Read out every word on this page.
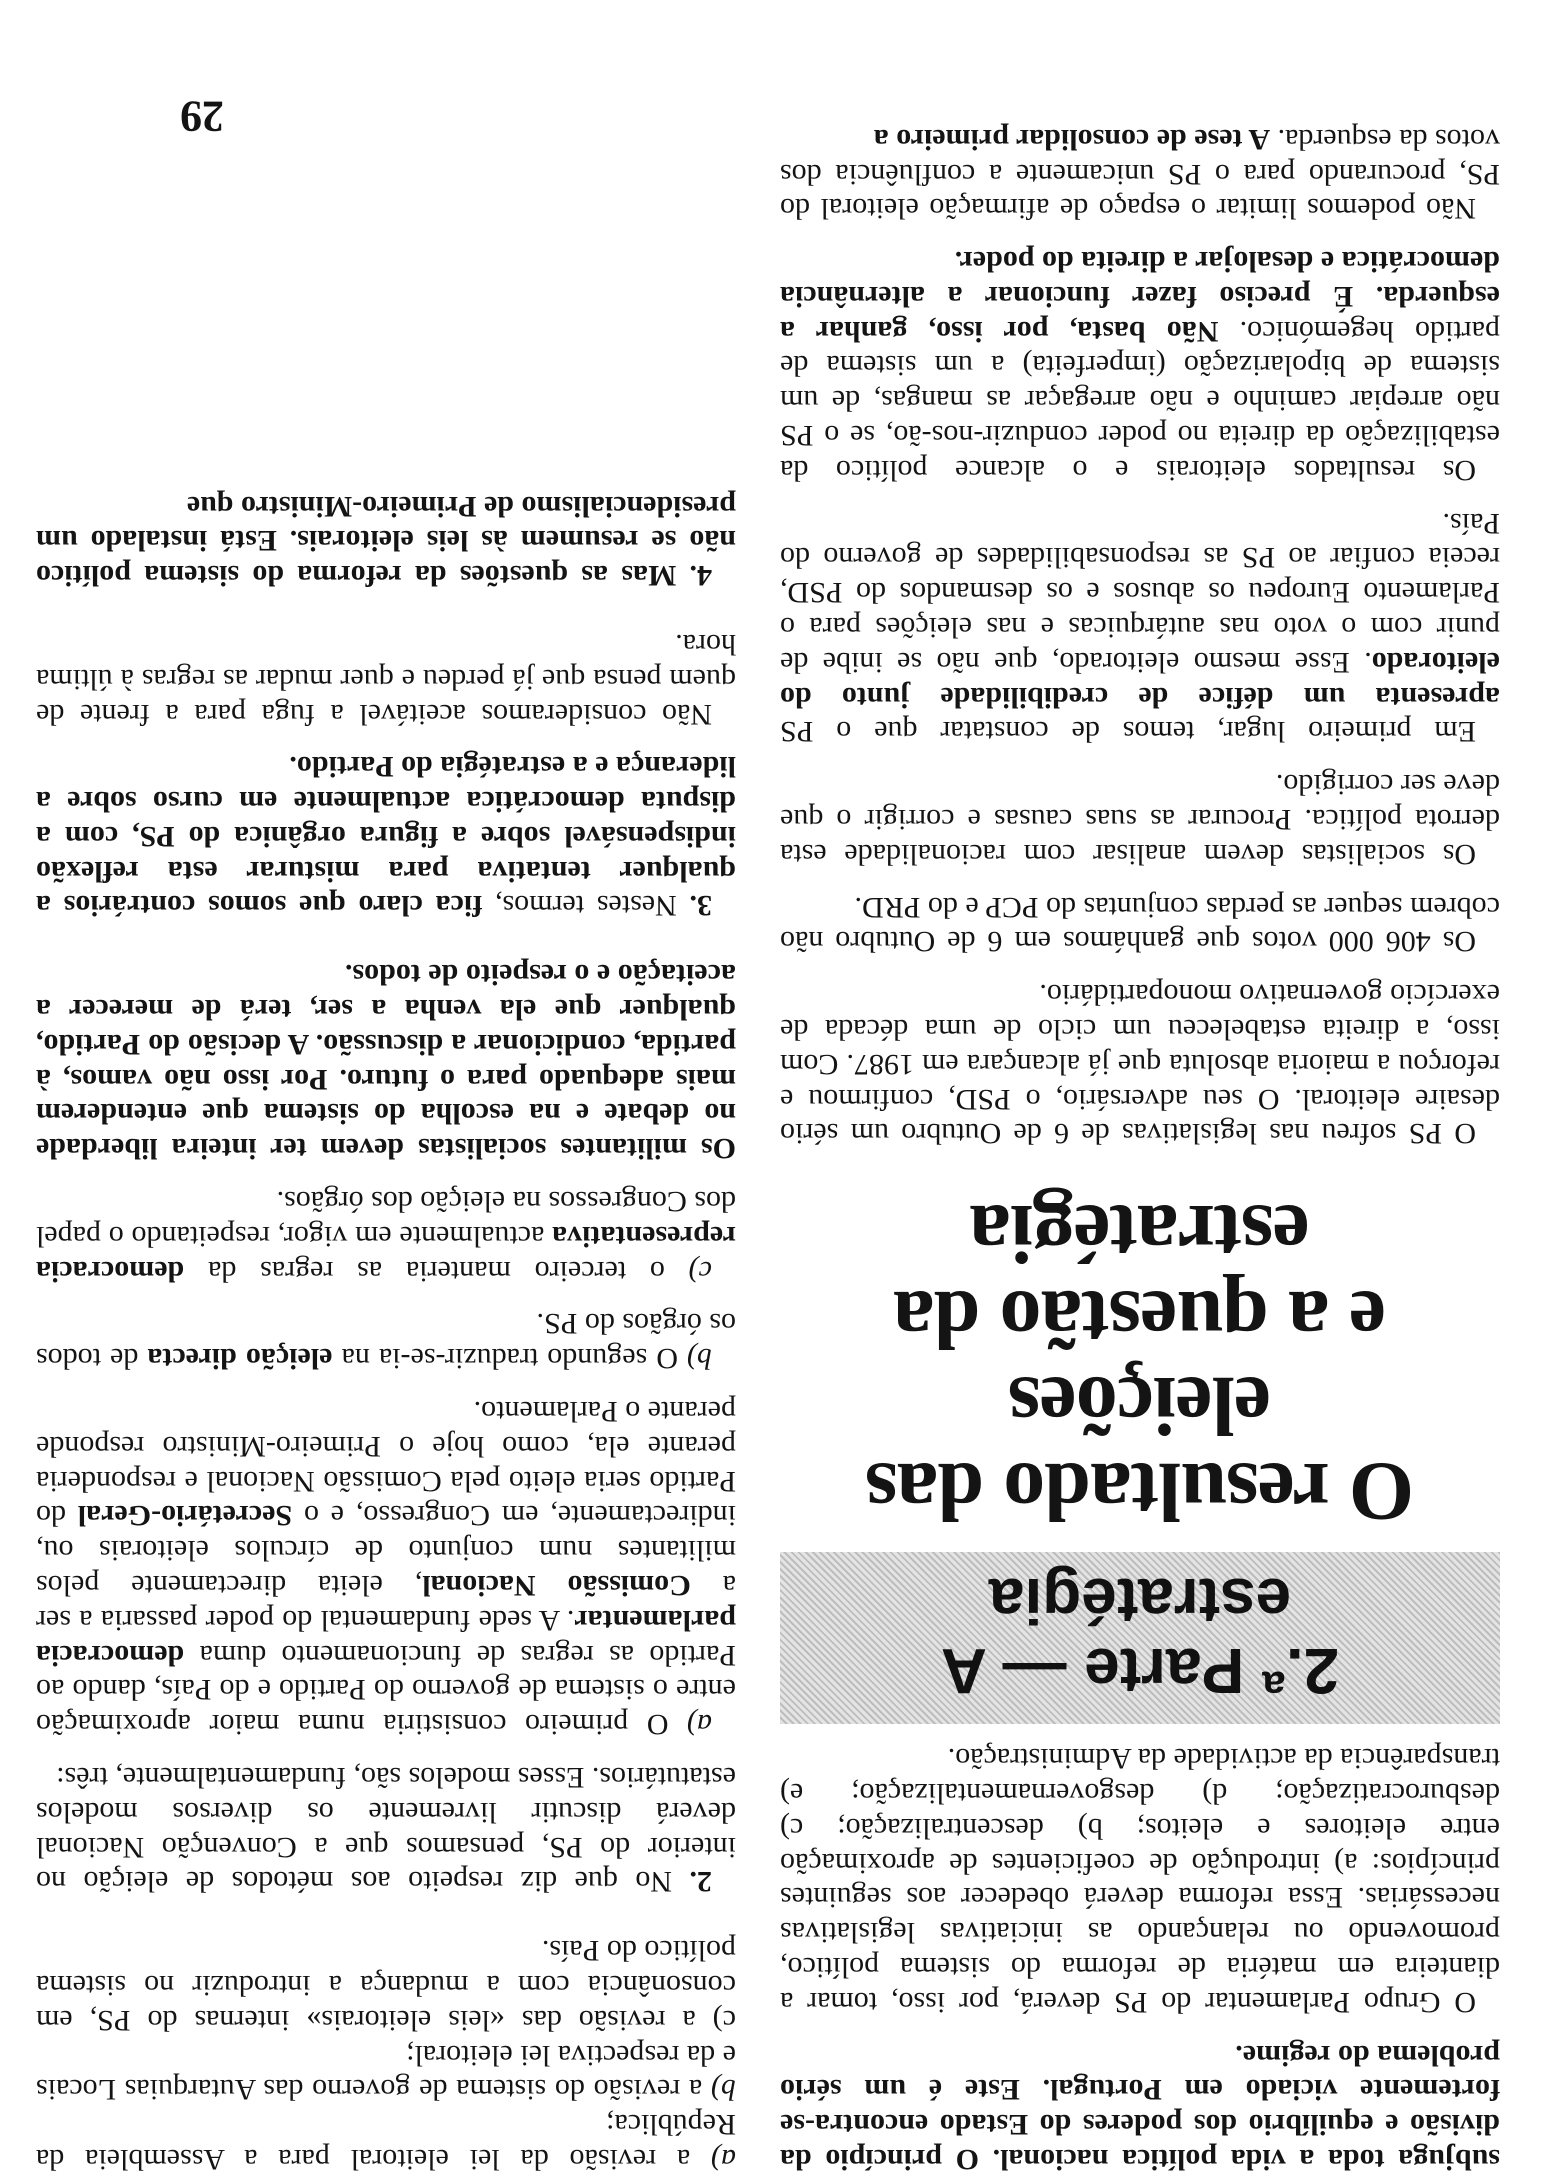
a) a revisão da lei eleitoral para a Assembleia da República;

b) a revisão do sistema de governo das Autarquias Locais e da respectiva lei eleitoral;

c) a revisão das «leis eleitorais» internas do PS, em consonância com a mudança a introduzir no sistema político do País.

2. No que diz respeito aos métodos de eleição no interior do PS, pensamos que a Convenção Nacional deverá discutir livremente os diversos modelos estatutários. Esses modelos são, fundamentalmente, três:

a) O primeiro consistiria numa maior aproximação entre o sistema de governo do Partido e do País, dando ao Partido as regras de funcionamento duma democracia parlamentar. A sede fundamental do poder passaria a ser a Comissão Nacional, eleita directamente pelos militantes num conjunto de círculos eleitorais ou, indirectamente, em Congresso, e o Secretário-Geral do Partido seria eleito pela Comissão Nacional e responderia perante ela, como hoje o Primeiro-Ministro responde perante o Parlamento.

b) O segundo traduzir-se-ia na eleição directa de todos os órgãos do PS.

c) o terceiro manteria as regras da democracia representativa actualmente em vigor, respeitando o papel dos Congressos na eleição dos órgãos.

Os militantes socialistas devem ter inteira liberdade no debate e na escolha do sistema que entenderem mais adequado para o futuro. Por isso não vamos, à partida, condicionar a discussão. A decisão do Partido, qualquer que ela venha a ser, terá de merecer a aceitação e o respeito de todos.

3. Nestes termos, fica claro que somos contrários a qualquer tentativa para misturar esta reflexão indispensável sobre a figura orgânica do PS, com a disputa democrática actualmente em curso sobre a liderança e a estratégia do Partido.

Não consideramos aceitável a fuga para a frente de quem pensa que já perdeu e quer mudar as regras à última hora.

4. Mas as questões da reforma do sistema político não se resumem às leis eleitorais. Está instalado um presidencialismo de Primeiro-Ministro que

subjuga toda a vida política nacional. O princípio da divisão e equilíbrio dos poderes do Estado encontra-se fortemente viciado em Portugal. Este é um sério problema do regime.

O Grupo Parlamentar do PS deverá, por isso, tomar a dianteira em matéria de reforma do sistema político, promovendo ou relançando as iniciativas legislativas necessárias. Essa reforma deverá obedecer aos seguintes princípios: a) introdução de coeficientes de aproximação entre eleitores e eleitos; b) descentralização; c) desburocratização; d) desgovernamentalização; e) transparência da actividade da Administração.

2.ª Parte — A estratégia
O resultado das eleições
e a questão da estratégia

O PS sofreu nas legislativas de 6 de Outubro um sério desaire eleitoral. O seu adversário, o PSD, confirmou e reforçou a maioria absoluta que já alcançara em 1987. Com isso, a direita estabeleceu um ciclo de uma década de exercício governativo monopartidário.

Os 406 000 votos que ganhámos em 6 de Outubro não cobrem sequer as perdas conjuntas do PCP e do PRD.

Os socialistas devem analisar com racionalidade esta derrota política. Procurar as suas causas e corrigir o que deve ser corrigido.

Em primeiro lugar, temos de constatar que o PS apresenta um défice de credibilidade junto do eleitorado. Esse mesmo eleitorado, que não se inibe de punir com o voto nas autárquicas e nas eleições para o Parlamento Europeu os abusos e os desmandos do PSD, receia confiar ao PS as responsabilidades de governo do País.

Os resultados eleitorais e o alcance político da estabilização da direita no poder conduzir-nos-ão, se o PS não arrepiar caminho e não arregaçar as mangas, de um sistema de bipolarização (imperfeita) a um sistema de partido hegemónico. Não basta, por isso, ganhar a esquerda. É preciso fazer funcionar a alternância democrática e desalojar a direita do poder.

Não podemos limitar o espaço de afirmação eleitoral do PS, procurando para o PS unicamente a confluência dos votos da esquerda. A tese de consolidar primeiro a

29
